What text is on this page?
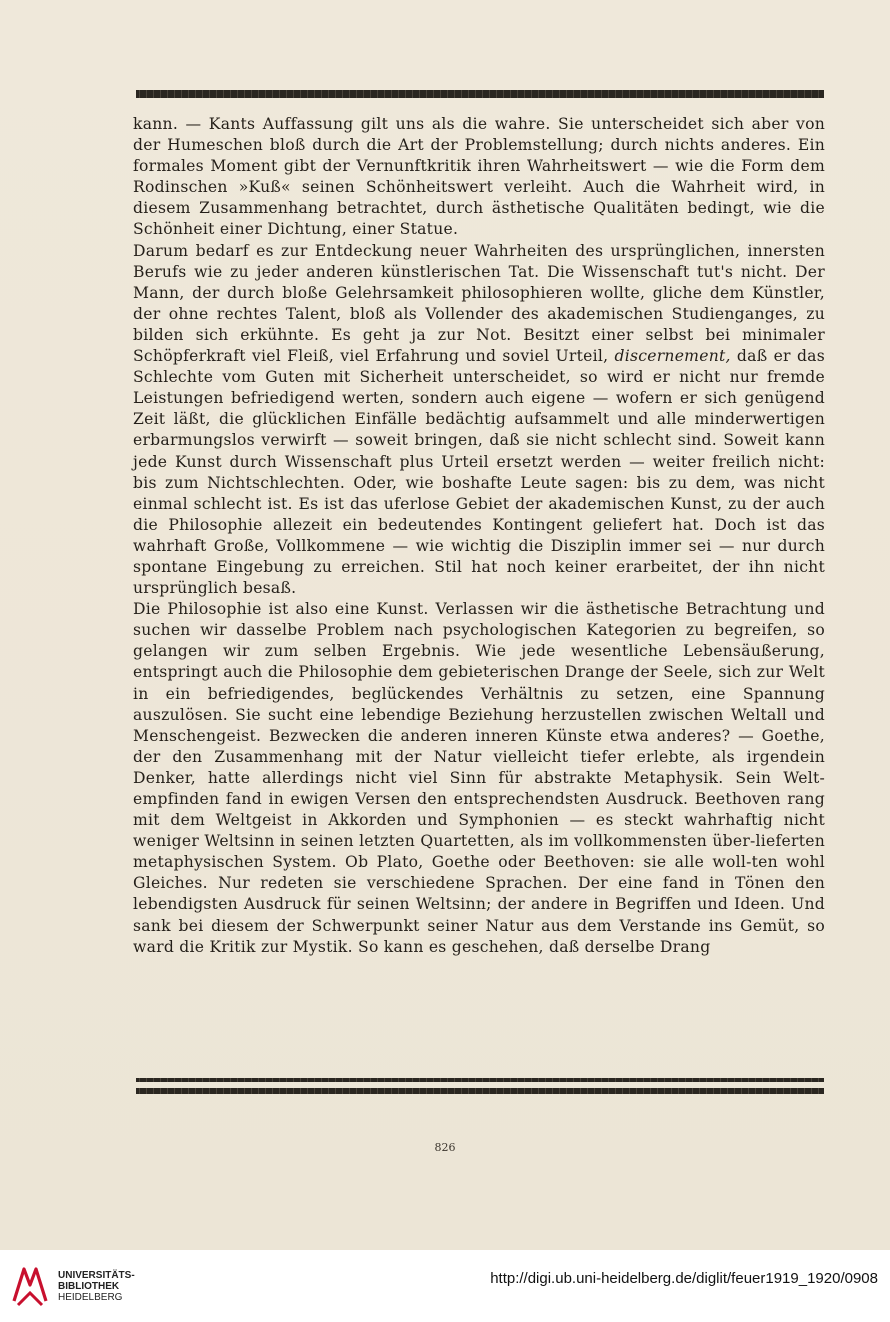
kann. — Kants Auffassung gilt uns als die wahre. Sie unterscheidet sich aber von der Humeschen bloß durch die Art der Problemstellung; durch nichts anderes. Ein formales Moment gibt der Vernunftkritik ihren Wahrheitswert — wie die Form dem Rodinschen »Kuß« seinen Schönheitswert verleiht. Auch die Wahrheit wird, in diesem Zusammenhang betrachtet, durch ästhetische Qualitäten bedingt, wie die Schönheit einer Dichtung, einer Statue.

Darum bedarf es zur Entdeckung neuer Wahrheiten des ursprünglichen, innersten Berufs wie zu jeder anderen künstlerischen Tat. Die Wissenschaft tut's nicht. Der Mann, der durch bloße Gelehrsamkeit philosophieren wollte, gliche dem Künstler, der ohne rechtes Talent, bloß als Vollender des akademischen Studienganges, zu bilden sich erkühnte. Es geht ja zur Not. Besitzt einer selbst bei minimaler Schöpferkraft viel Fleiß, viel Erfahrung und soviel Urteil, discernement, daß er das Schlechte vom Guten mit Sicherheit unterscheidet, so wird er nicht nur fremde Leistungen befriedigend werten, sondern auch eigene — wofern er sich genügend Zeit läßt, die glücklichen Einfälle bedächtig aufsammelt und alle minderwertigen erbarmungslos verwirft — soweit bringen, daß sie nicht schlecht sind. Soweit kann jede Kunst durch Wissenschaft plus Urteil ersetzt werden — weiter freilich nicht: bis zum Nichtschlechten. Oder, wie boshafte Leute sagen: bis zu dem, was nicht einmal schlecht ist. Es ist das uferlose Gebiet der akademischen Kunst, zu der auch die Philosophie allezeit ein bedeutendes Kontingent geliefert hat. Doch ist das wahrhaft Große, Vollkommene — wie wichtig die Disziplin immer sei — nur durch spontane Eingebung zu erreichen. Stil hat noch keiner erarbeitet, der ihn nicht ursprünglich besaß.

Die Philosophie ist also eine Kunst. Verlassen wir die ästhetische Betrachtung und suchen wir dasselbe Problem nach psychologischen Kategorien zu begreifen, so gelangen wir zum selben Ergebnis. Wie jede wesentliche Lebensäußerung, entspringt auch die Philosophie dem gebieterischen Drange der Seele, sich zur Welt in ein befriedigendes, beglückendes Verhältnis zu setzen, eine Spannung auszulösen. Sie sucht eine lebendige Beziehung herzustellen zwischen Weltall und Menschengeist. Bezwecken die anderen inneren Künste etwa anderes? — Goethe, der den Zusammenhang mit der Natur vielleicht tiefer erlebte, als irgendein Denker, hatte allerdings nicht viel Sinn für abstrakte Metaphysik. Sein Welt-empfinden fand in ewigen Versen den entsprechendsten Ausdruck. Beethoven rang mit dem Weltgeist in Akkorden und Symphonien — es steckt wahrhaftig nicht weniger Weltsinn in seinen letzten Quartetten, als im vollkommensten über-lieferten metaphysischen System. Ob Plato, Goethe oder Beethoven: sie alle woll-ten wohl Gleiches. Nur redeten sie verschiedene Sprachen. Der eine fand in Tönen den lebendigsten Ausdruck für seinen Weltsinn; der andere in Begriffen und Ideen. Und sank bei diesem der Schwerpunkt seiner Natur aus dem Verstande ins Gemüt, so ward die Kritik zur Mystik. So kann es geschehen, daß derselbe Drang

826
UNIVERSITÄTS-
BIBLIOTHEK
HEIDELBERG
http://digi.ub.uni-heidelberg.de/diglit/feuer1919_1920/0908
